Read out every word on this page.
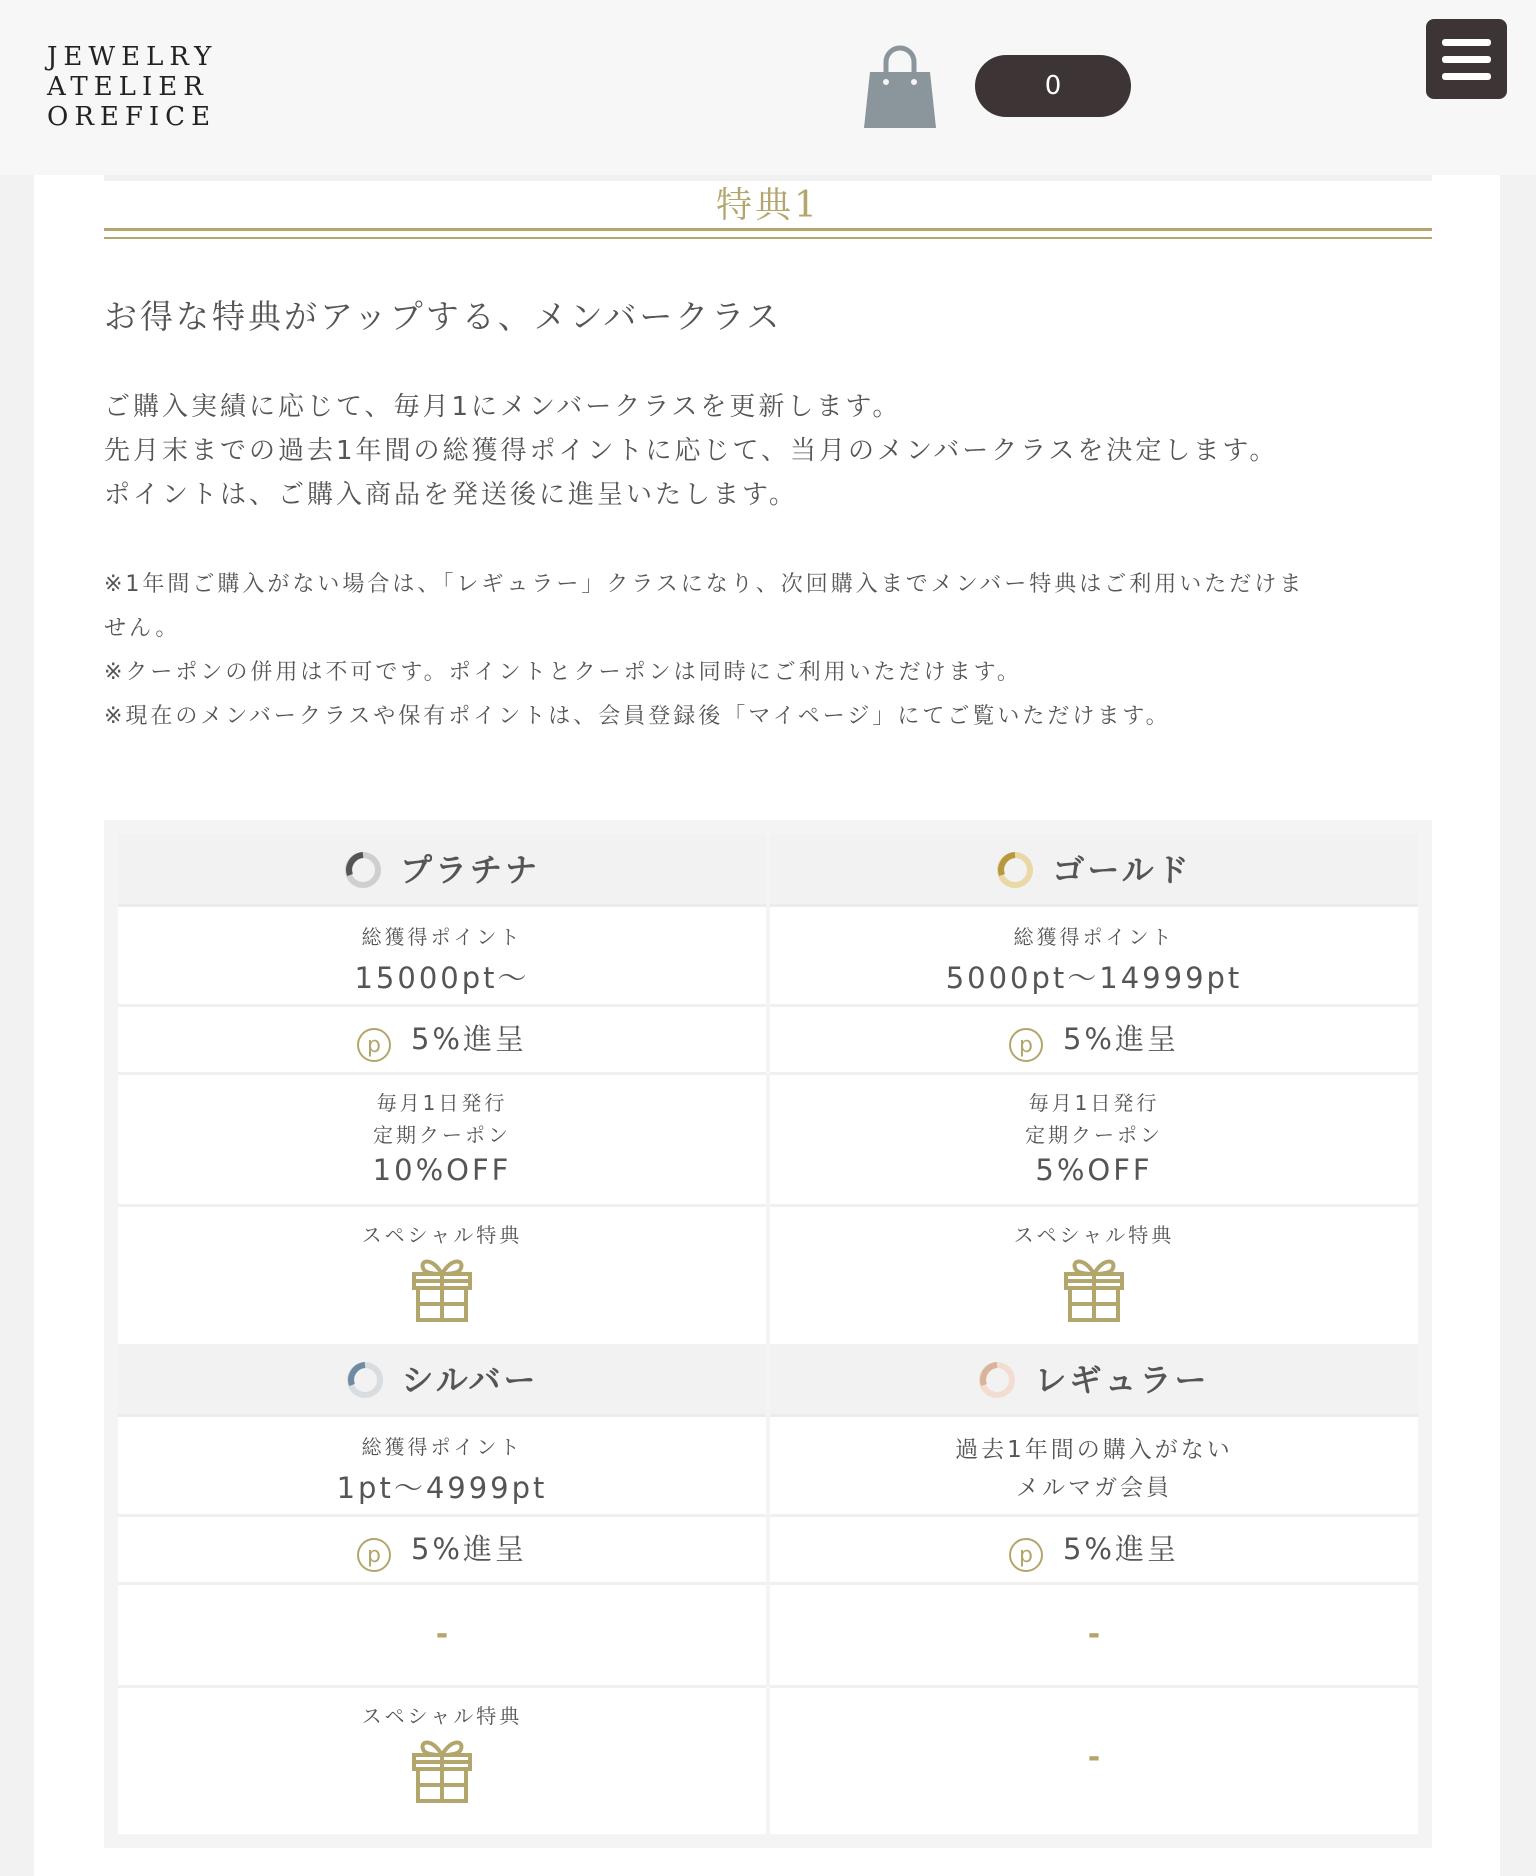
JEWELRY
ATELIER
OREFICE
0
特典1
お得な特典がアップする、メンバークラス
ご購入実績に応じて、毎月1にメンバークラスを更新します。
先月末までの過去1年間の総獲得ポイントに応じて、当月のメンバークラスを決定します。
ポイントは、ご購入商品を発送後に進呈いたします。
※1年間ご購入がない場合は、「レギュラー」クラスになり、次回購入までメンバー特典はご利用いただけま
せん。
※クーポンの併用は不可です。ポイントとクーポンは同時にご利用いただけます。
※現在のメンバークラスや保有ポイントは、会員登録後「マイページ」にてご覧いただけます。
プラチナ
総獲得ポイント
15000pt〜
p 5%進呈
毎月1日発行
定期クーポン
10%OFF
スペシャル特典
ゴールド
総獲得ポイント
5000pt〜14999pt
p 5%進呈
毎月1日発行
定期クーポン
5%OFF
スペシャル特典
シルバー
総獲得ポイント
1pt〜4999pt
p 5%進呈
-
スペシャル特典
レギュラー
過去1年間の購入がない
メルマガ会員
p 5%進呈
-
-
